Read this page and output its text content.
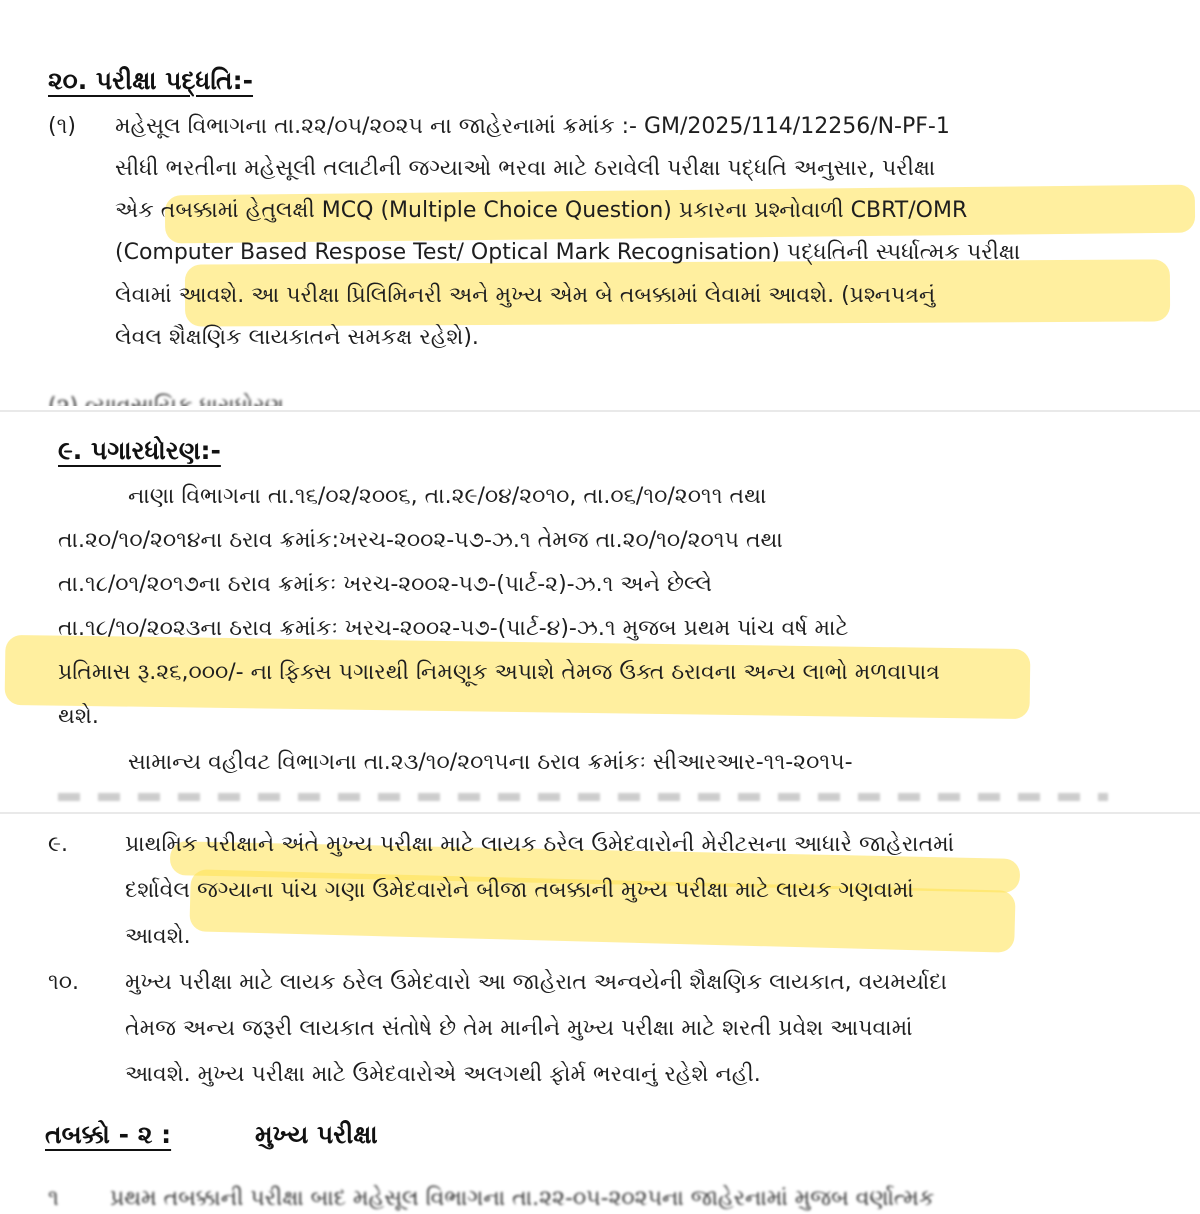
૨૦. પરીક્ષા પદ્ધતિ:-
(૧) મહેસૂલ વિભાગના તા.૨૨/૦૫/૨૦૨૫ ના જાહેરનામાં ક્રમાંક :- GM/2025/114/12256/N-PF-1
સીધી ભરતીના મહેસૂલી તલાટીની જગ્યાઓ ભરવા માટે ઠરાવેલી પરીક્ષા પદ્ધતિ અનુસાર, પરીક્ષા
એક તબક્કામાં હેતુલક્ષી MCQ (Multiple Choice Question) પ્રકારના પ્રશ્નોવાળી CBRT/OMR
(Computer Based Respose Test/ Optical Mark Recognisation) પદ્ધતિની સ્પર્ધાત્મક પરીક્ષા
લેવામાં આવશે. આ પરીક્ષા પ્રિલિમિનરી અને મુખ્ય એમ બે તબક્કામાં લેવામાં આવશે. (પ્રશ્નપત્રનું
લેવલ શૈક્ષણિક લાયકાતને સમકક્ષ રહેશે).
૯. પગારધોરણ:-
નાણા વિભાગના તા.૧૬/૦૨/૨૦૦૬, તા.૨૯/૦૪/૨૦૧૦, તા.૦૬/૧૦/૨૦૧૧ તથા
તા.૨૦/૧૦/૨૦૧૪ના ઠરાવ ક્રમાંક:ખરચ-૨૦૦૨-૫૭-ઝ.૧ તેમજ તા.૨૦/૧૦/૨૦૧૫ તથા
તા.૧૮/૦૧/૨૦૧૭ના ઠરાવ ક્રમાંકઃ ખરચ-૨૦૦૨-૫૭-(પાર્ટ-૨)-ઝ.૧ અને છેલ્લે
તા.૧૮/૧૦/૨૦૨૩ના ઠરાવ ક્રમાંકઃ ખરચ-૨૦૦૨-૫૭-(પાર્ટ-૪)-ઝ.૧ મુજબ પ્રથમ પાંચ વર્ષ માટે
પ્રતિમાસ રૂ.૨૬,૦૦૦/- ના ફિક્સ પગારથી નિમણૂક અપાશે તેમજ ઉક્ત ઠરાવના અન્ય લાભો મળવાપાત્ર
થશે.
સામાન્ય વહીવટ વિભાગના તા.૨૩/૧૦/૨૦૧૫ના ઠરાવ ક્રમાંકઃ સીઆરઆર-૧૧-૨૦૧૫-
૯.	પ્રાથમિક પરીક્ષાને અંતે મુખ્ય પરીક્ષા માટે લાયક ઠરેલ ઉમેદવારોની મેરીટસના આધારે જાહેરાતમાં
દર્શાવેલ જગ્યાના પાંચ ગણા ઉમેદવારોને બીજા તબક્કાની મુખ્ય પરીક્ષા માટે લાયક ગણવામાં
આવશે.
૧૦. મુખ્ય પરીક્ષા માટે લાયક ઠરેલ ઉમેદવારો આ જાહેરાત અન્વયેની શૈક્ષણિક લાયકાત, વયમર્યાદા
તેમજ અન્ય જરૂરી લાયકાત સંતોષે છે તેમ માનીને મુખ્ય પરીક્ષા માટે શરતી પ્રવેશ આપવામાં
આવશે. મુખ્ય પરીક્ષા માટે ઉમેદવારોએ અલગથી ફોર્મ ભરવાનું રહેશે નહી.
તબક્કો - ૨ :	મુખ્ય પરીક્ષા
૧ પ્રથમ તબક્કાની પરીક્ષા બાદ મહેસૂલ વિભાગના તા.૨૨-૦૫-૨૦૨૫ના જાહેરનામાં મુજબ વર્ણાત્મક
